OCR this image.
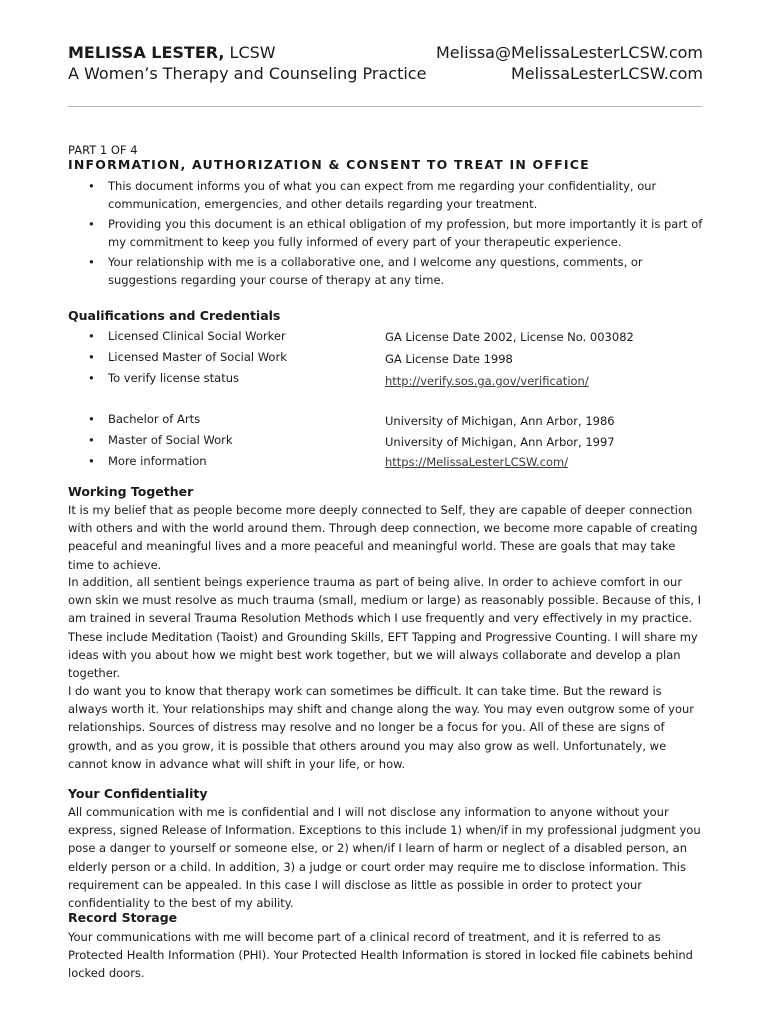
MELISSA LESTER, LCSW
A Women’s Therapy and Counseling Practice
Melissa@MelissaLesterLCSW.com
MelissaLesterLCSW.com
PART 1 OF 4
INFORMATION, AUTHORIZATION & CONSENT TO TREAT IN OFFICE
• This document informs you of what you can expect from me regarding your confidentiality, our communication, emergencies, and other details regarding your treatment.
• Providing you this document is an ethical obligation of my profession, but more importantly it is part of my commitment to keep you fully informed of every part of your therapeutic experience.
• Your relationship with me is a collaborative one, and I welcome any questions, comments, or suggestions regarding your course of therapy at any time.
Qualifications and Credentials
• Licensed Clinical Social Worker
• Licensed Master of Social Work
• To verify license status
• Bachelor of Arts
• Master of Social Work
• More information
GA License Date 2002, License No. 003082
GA License Date 1998
http://verify.sos.ga.gov/verification/
University of Michigan, Ann Arbor, 1986
University of Michigan, Ann Arbor, 1997
https://MelissaLesterLCSW.com/
Working Together
It is my belief that as people become more deeply connected to Self, they are capable of deeper connection with others and with the world around them. Through deep connection, we become more capable of creating peaceful and meaningful lives and a more peaceful and meaningful world. These are goals that may take time to achieve.
In addition, all sentient beings experience trauma as part of being alive. In order to achieve comfort in our own skin we must resolve as much trauma (small, medium or large) as reasonably possible. Because of this, I am trained in several Trauma Resolution Methods which I use frequently and very effectively in my practice. These include Meditation (Taoist) and Grounding Skills, EFT Tapping and Progressive Counting. I will share my ideas with you about how we might best work together, but we will always collaborate and develop a plan together.
I do want you to know that therapy work can sometimes be difficult. It can take time. But the reward is always worth it. Your relationships may shift and change along the way. You may even outgrow some of your relationships. Sources of distress may resolve and no longer be a focus for you. All of these are signs of growth, and as you grow, it is possible that others around you may also grow as well. Unfortunately, we cannot know in advance what will shift in your life, or how.
Your Confidentiality
All communication with me is confidential and I will not disclose any information to anyone without your express, signed Release of Information. Exceptions to this include 1) when/if in my professional judgment you pose a danger to yourself or someone else, or 2) when/if I learn of harm or neglect of a disabled person, an elderly person or a child. In addition, 3) a judge or court order may require me to disclose information. This requirement can be appealed. In this case I will disclose as little as possible in order to protect your confidentiality to the best of my ability.
Record Storage
Your communications with me will become part of a clinical record of treatment, and it is referred to as Protected Health Information (PHI). Your Protected Health Information is stored in locked file cabinets behind locked doors.
